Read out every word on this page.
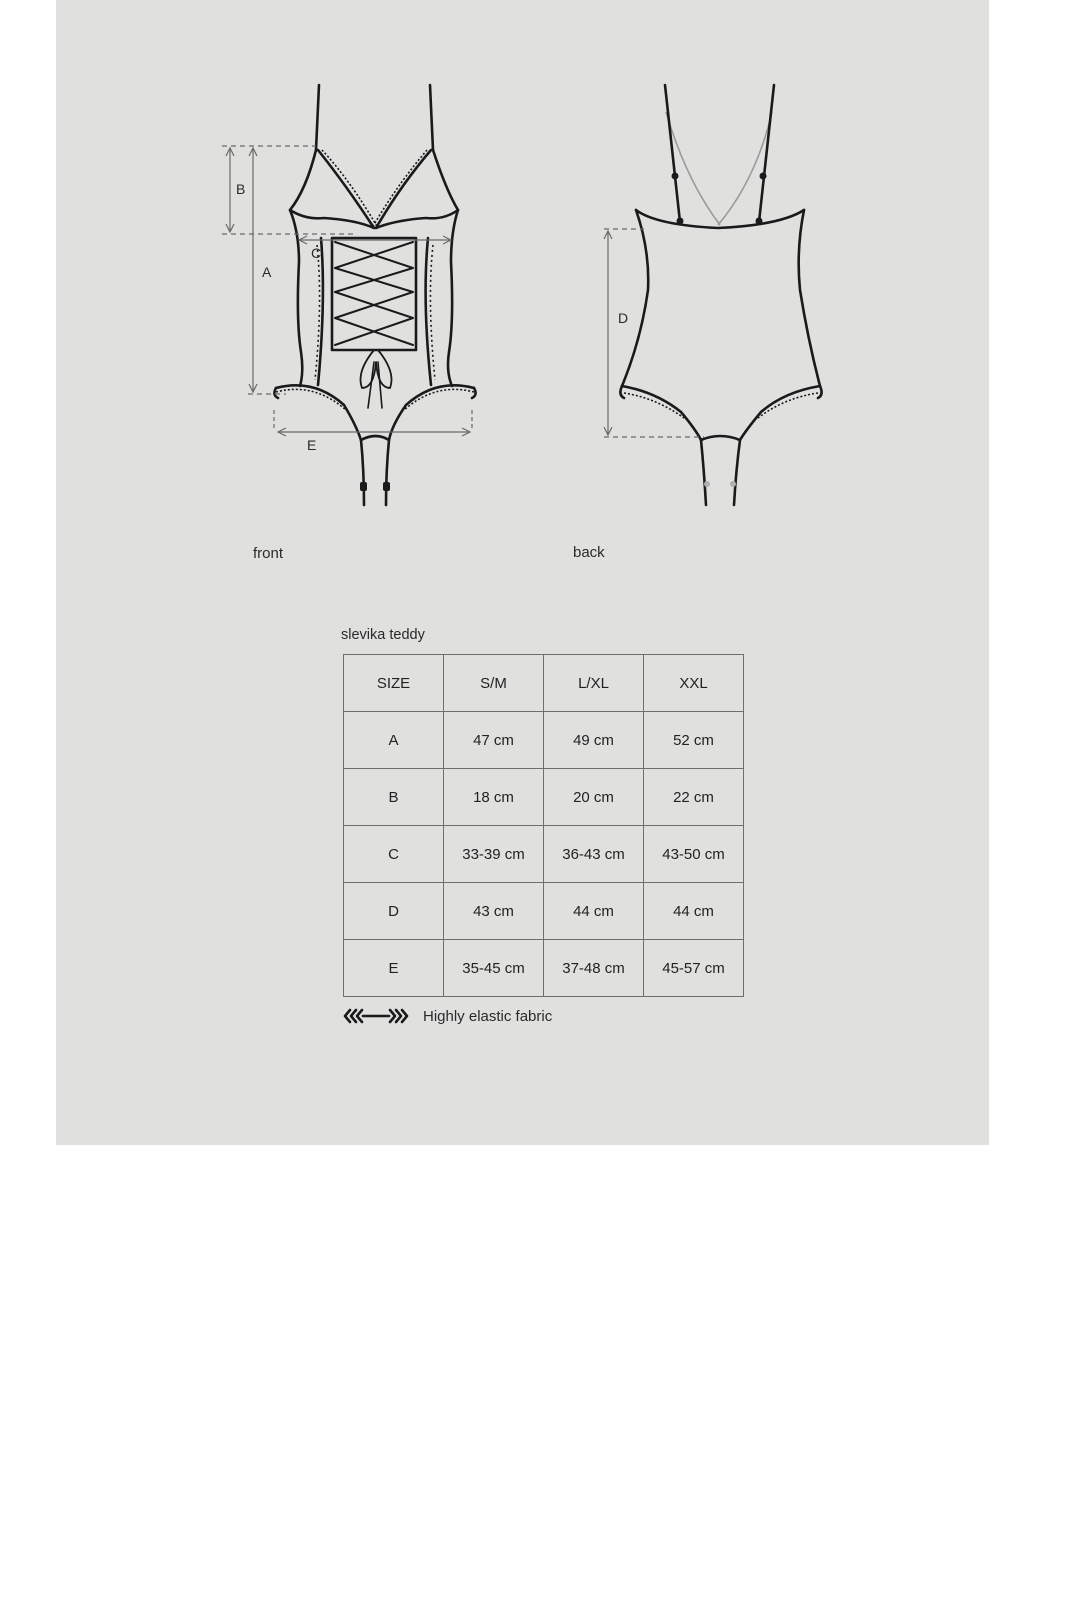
B
A
C
E
D
front	back
slevika teddy
SIZE	S/M	L/XL	XXL
A	47 cm	49 cm	52 cm
B	18 cm	20 cm	22 cm
C	33-39 cm	36-43 cm	43-50 cm
D	43 cm	44 cm	44 cm
E	35-45 cm	37-48 cm	45-57 cm
Highly elastic fabric
